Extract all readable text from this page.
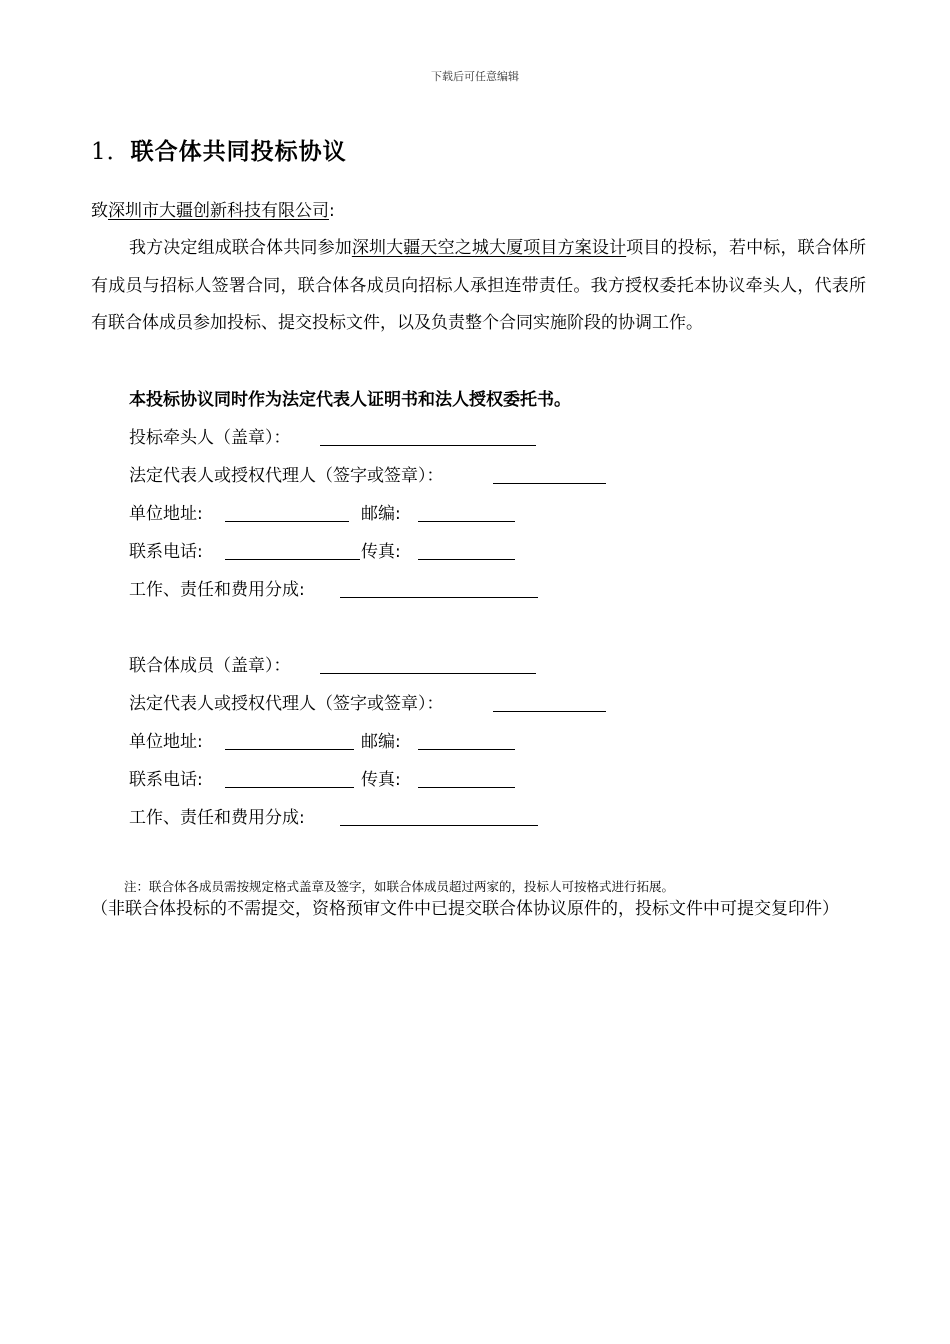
下载后可任意编辑
1．联合体共同投标协议
致深圳市大疆创新科技有限公司:
我方决定组成联合体共同参加深圳大疆天空之城大厦项目方案设计项目的投标，若中标，联合体所有成员与招标人签署合同，联合体各成员向招标人承担连带责任。我方授权委托本协议牵头人，代表所有联合体成员参加投标、提交投标文件，以及负责整个合同实施阶段的协调工作。
本投标协议同时作为法定代表人证明书和法人授权委托书。
投标牵头人（盖章）：
法定代表人或授权代理人（签字或签章）：
单位地址:	邮编:
联系电话:	传真:
工作、责任和费用分成:
联合体成员（盖章）：
法定代表人或授权代理人（签字或签章）：
单位地址:	邮编:
联系电话:	传真:
工作、责任和费用分成:
注：联合体各成员需按规定格式盖章及签字，如联合体成员超过两家的，投标人可按格式进行拓展。
（非联合体投标的不需提交，资格预审文件中已提交联合体协议原件的，投标文件中可提交复印件）
